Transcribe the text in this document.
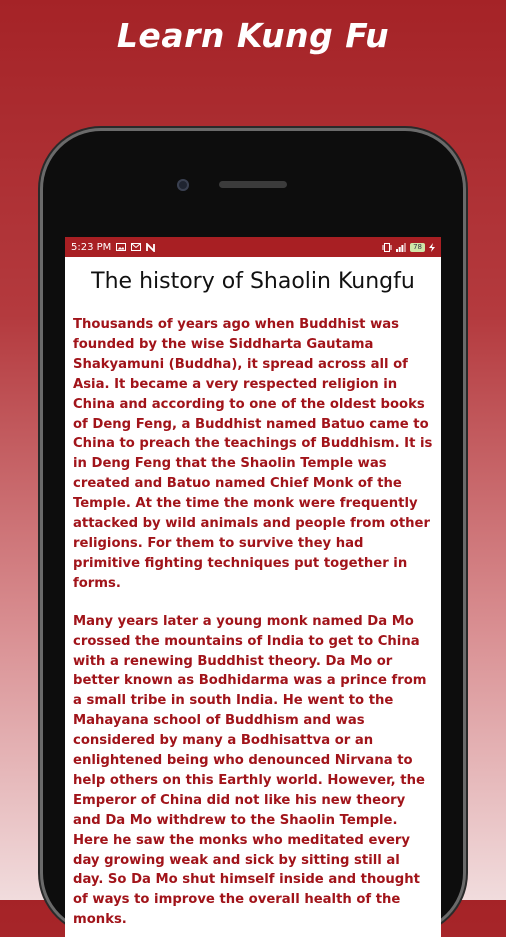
Learn Kung Fu
5:23 PM	78
The history of Shaolin Kungfu

Thousands of years ago when Buddhist was founded by the wise Siddharta Gautama Shakyamuni (Buddha), it spread across all of Asia. It became a very respected religion in China and according to one of the oldest books of Deng Feng, a Buddhist named Batuo came to China to preach the teachings of Buddhism. It is in Deng Feng that the Shaolin Temple was created and Batuo named Chief Monk of the Temple. At the time the monk were frequently attacked by wild animals and people from other religions. For them to survive they had primitive fighting techniques put together in forms.

Many years later a young monk named Da Mo crossed the mountains of India to get to China with a renewing Buddhist theory. Da Mo or better known as Bodhidarma was a prince from a small tribe in south India. He went to the Mahayana school of Buddhism and was considered by many a Bodhisattva or an enlightened being who denounced Nirvana to help others on this Earthly world. However, the Emperor of China did not like his new theory and Da Mo withdrew to the Shaolin Temple. Here he saw the monks who meditated every day growing weak and sick by sitting still al day. So Da Mo shut himself inside and thought of ways to improve the overall health of the monks.
